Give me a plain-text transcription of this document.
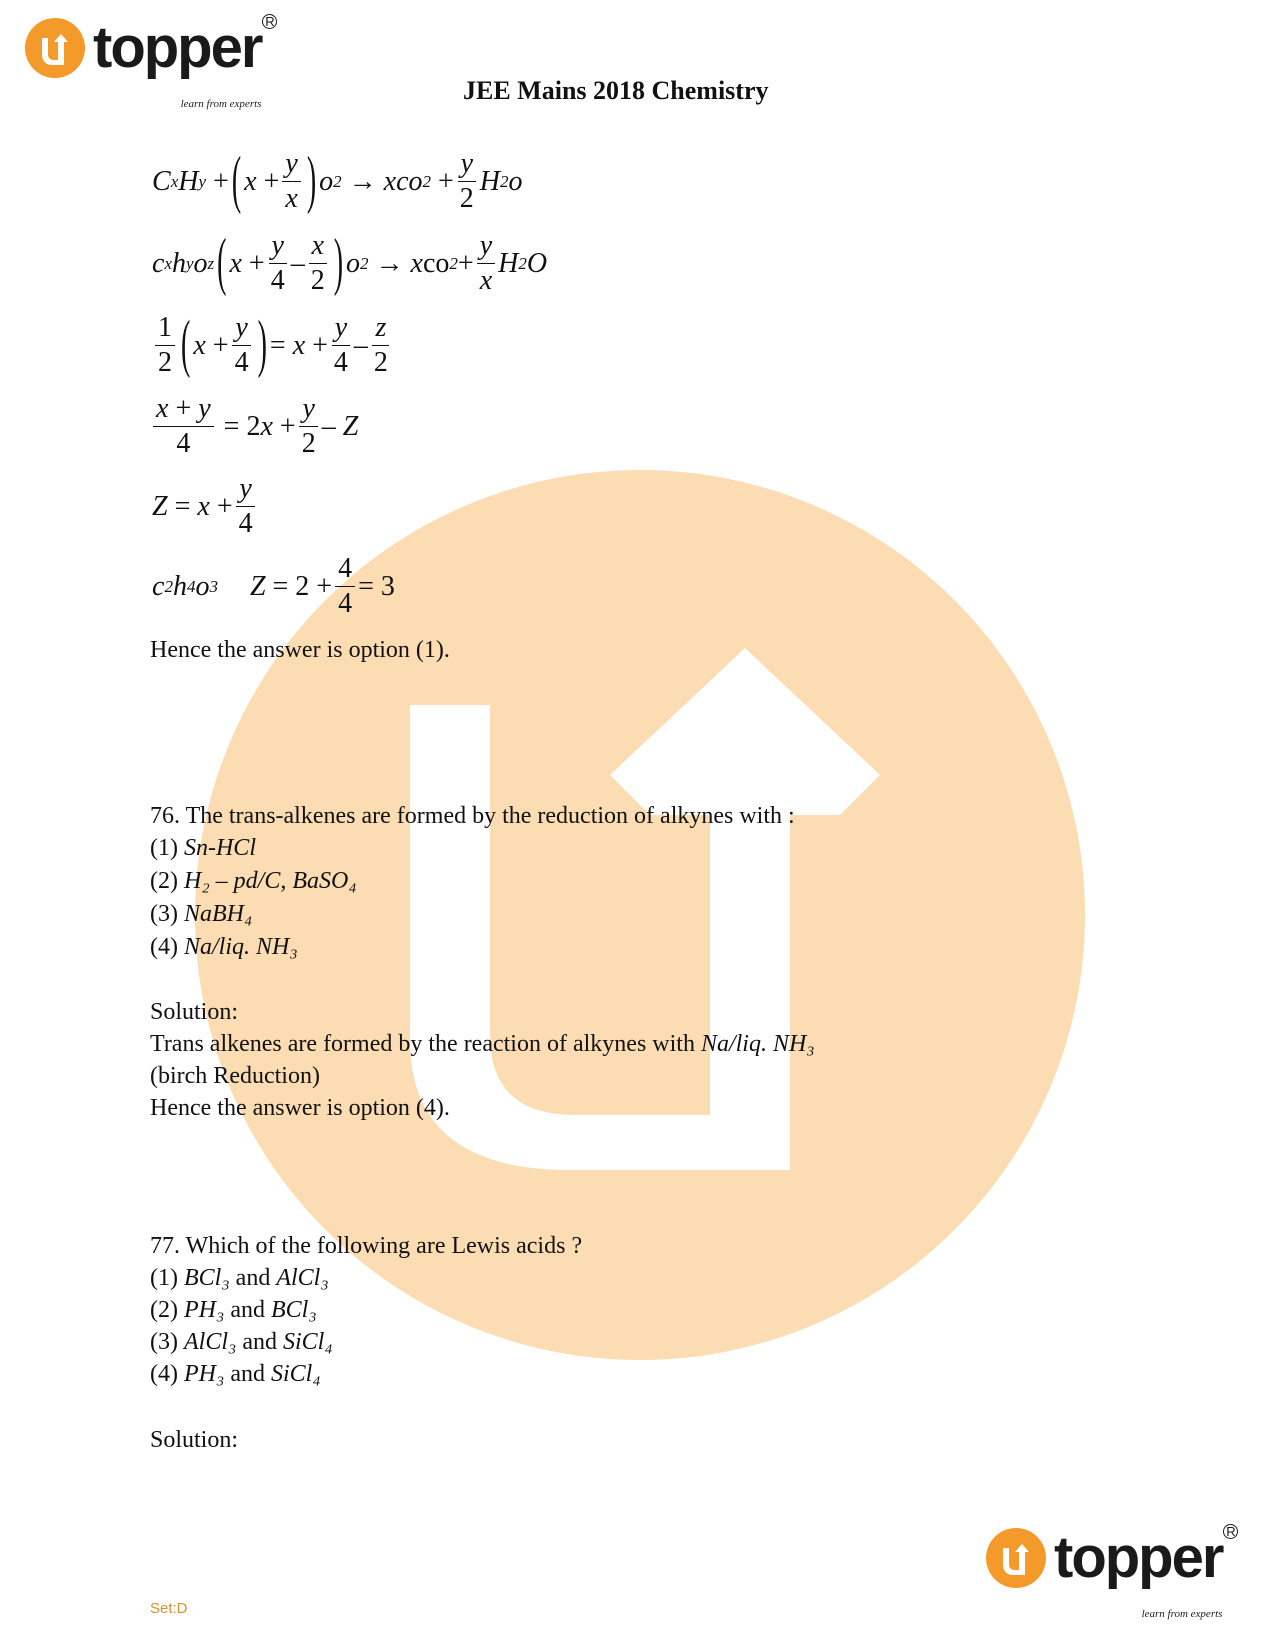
topper R
learn from experts	JEE Mains 2018 Chemistry
C x H y
+ ( $x + \frac{y}{x}$ ) o 2 → xco $2 + \frac{y}{2}$ H 2 o
c x h y o z ( $x + \frac{y}{4} - \frac{x}{2}$ ) o 2 → x co $2 + \frac{y}{x}$ H 2 O
$\frac{1}{2}$ ( $x + \frac{y}{4}$ ) = $x + \frac{y}{4} - \frac{z}{2}$
$\frac{x + y}{4} = 2$ $x + \frac{y}{2} - Z$
$Z = x + \frac{y}{4}$
c 2 h 4 o 3 $Z = 2 + \frac{4}{4} = 3$
Hence the answer is option (1).
76. The trans-alkenes are formed by the reduction of alkynes with :
(1) Sn-HCl
(2) H₂ – pd/C, BaSO₄
(3) NaBH₄
(4) Na/liq. NH₃
Solution:
Trans alkenes are formed by the reaction of alkynes with Na/liq. NH₃
(birch Reduction)
Hence the answer is option (4).
77. Which of the following are Lewis acids ?
(1) BCl₃ and AlCl₃
(2) PH₃ and BCl₃
(3) AlCl₃ and SiCl₄
(4) PH₃ and SiCl₄
Solution:
Set:D
topper R
learn from experts
